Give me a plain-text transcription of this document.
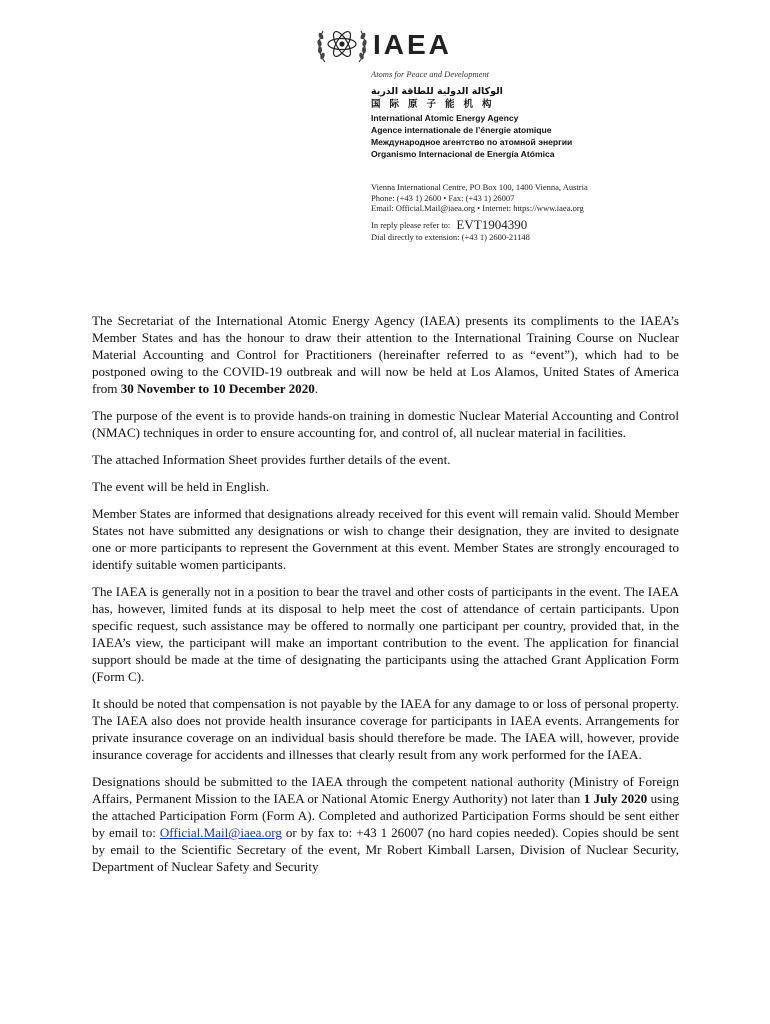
IAEA
Atoms for Peace and Development
الوكالة الدولية للطاقة الذرية
国际原子能机构
International Atomic Energy Agency
Agence internationale de l’énergie atomique
Международное агентство по атомной энергии
Organismo Internacional de Energía Atómica
Vienna International Centre, PO Box 100, 1400 Vienna, Austria
Phone: (+43 1) 2600 • Fax: (+43 1) 26007
Email: Official.Mail@iaea.org • Internet: https://www.iaea.org
In reply please refer to: EVT1904390
Dial directly to extension: (+43 1) 2600-21148

The Secretariat of the International Atomic Energy Agency (IAEA) presents its compliments to the IAEA’s Member States and has the honour to draw their attention to the International Training Course on Nuclear Material Accounting and Control for Practitioners (hereinafter referred to as “event”), which had to be postponed owing to the COVID-19 outbreak and will now be held at Los Alamos, United States of America from 30 November to 10 December 2020.

The purpose of the event is to provide hands-on training in domestic Nuclear Material Accounting and Control (NMAC) techniques in order to ensure accounting for, and control of, all nuclear material in facilities.

The attached Information Sheet provides further details of the event.

The event will be held in English.

Member States are informed that designations already received for this event will remain valid. Should Member States not have submitted any designations or wish to change their designation, they are invited to designate one or more participants to represent the Government at this event. Member States are strongly encouraged to identify suitable women participants.

The IAEA is generally not in a position to bear the travel and other costs of participants in the event. The IAEA has, however, limited funds at its disposal to help meet the cost of attendance of certain participants. Upon specific request, such assistance may be offered to normally one participant per country, provided that, in the IAEA’s view, the participant will make an important contribution to the event. The application for financial support should be made at the time of designating the participants using the attached Grant Application Form (Form C).

It should be noted that compensation is not payable by the IAEA for any damage to or loss of personal property. The IAEA also does not provide health insurance coverage for participants in IAEA events. Arrangements for private insurance coverage on an individual basis should therefore be made. The IAEA will, however, provide insurance coverage for accidents and illnesses that clearly result from any work performed for the IAEA.

Designations should be submitted to the IAEA through the competent national authority (Ministry of Foreign Affairs, Permanent Mission to the IAEA or National Atomic Energy Authority) not later than 1 July 2020 using the attached Participation Form (Form A). Completed and authorized Participation Forms should be sent either by email to: Official.Mail@iaea.org or by fax to: +43 1 26007 (no hard copies needed). Copies should be sent by email to the Scientific Secretary of the event, Mr Robert Kimball Larsen, Division of Nuclear Security, Department of Nuclear Safety and Security
